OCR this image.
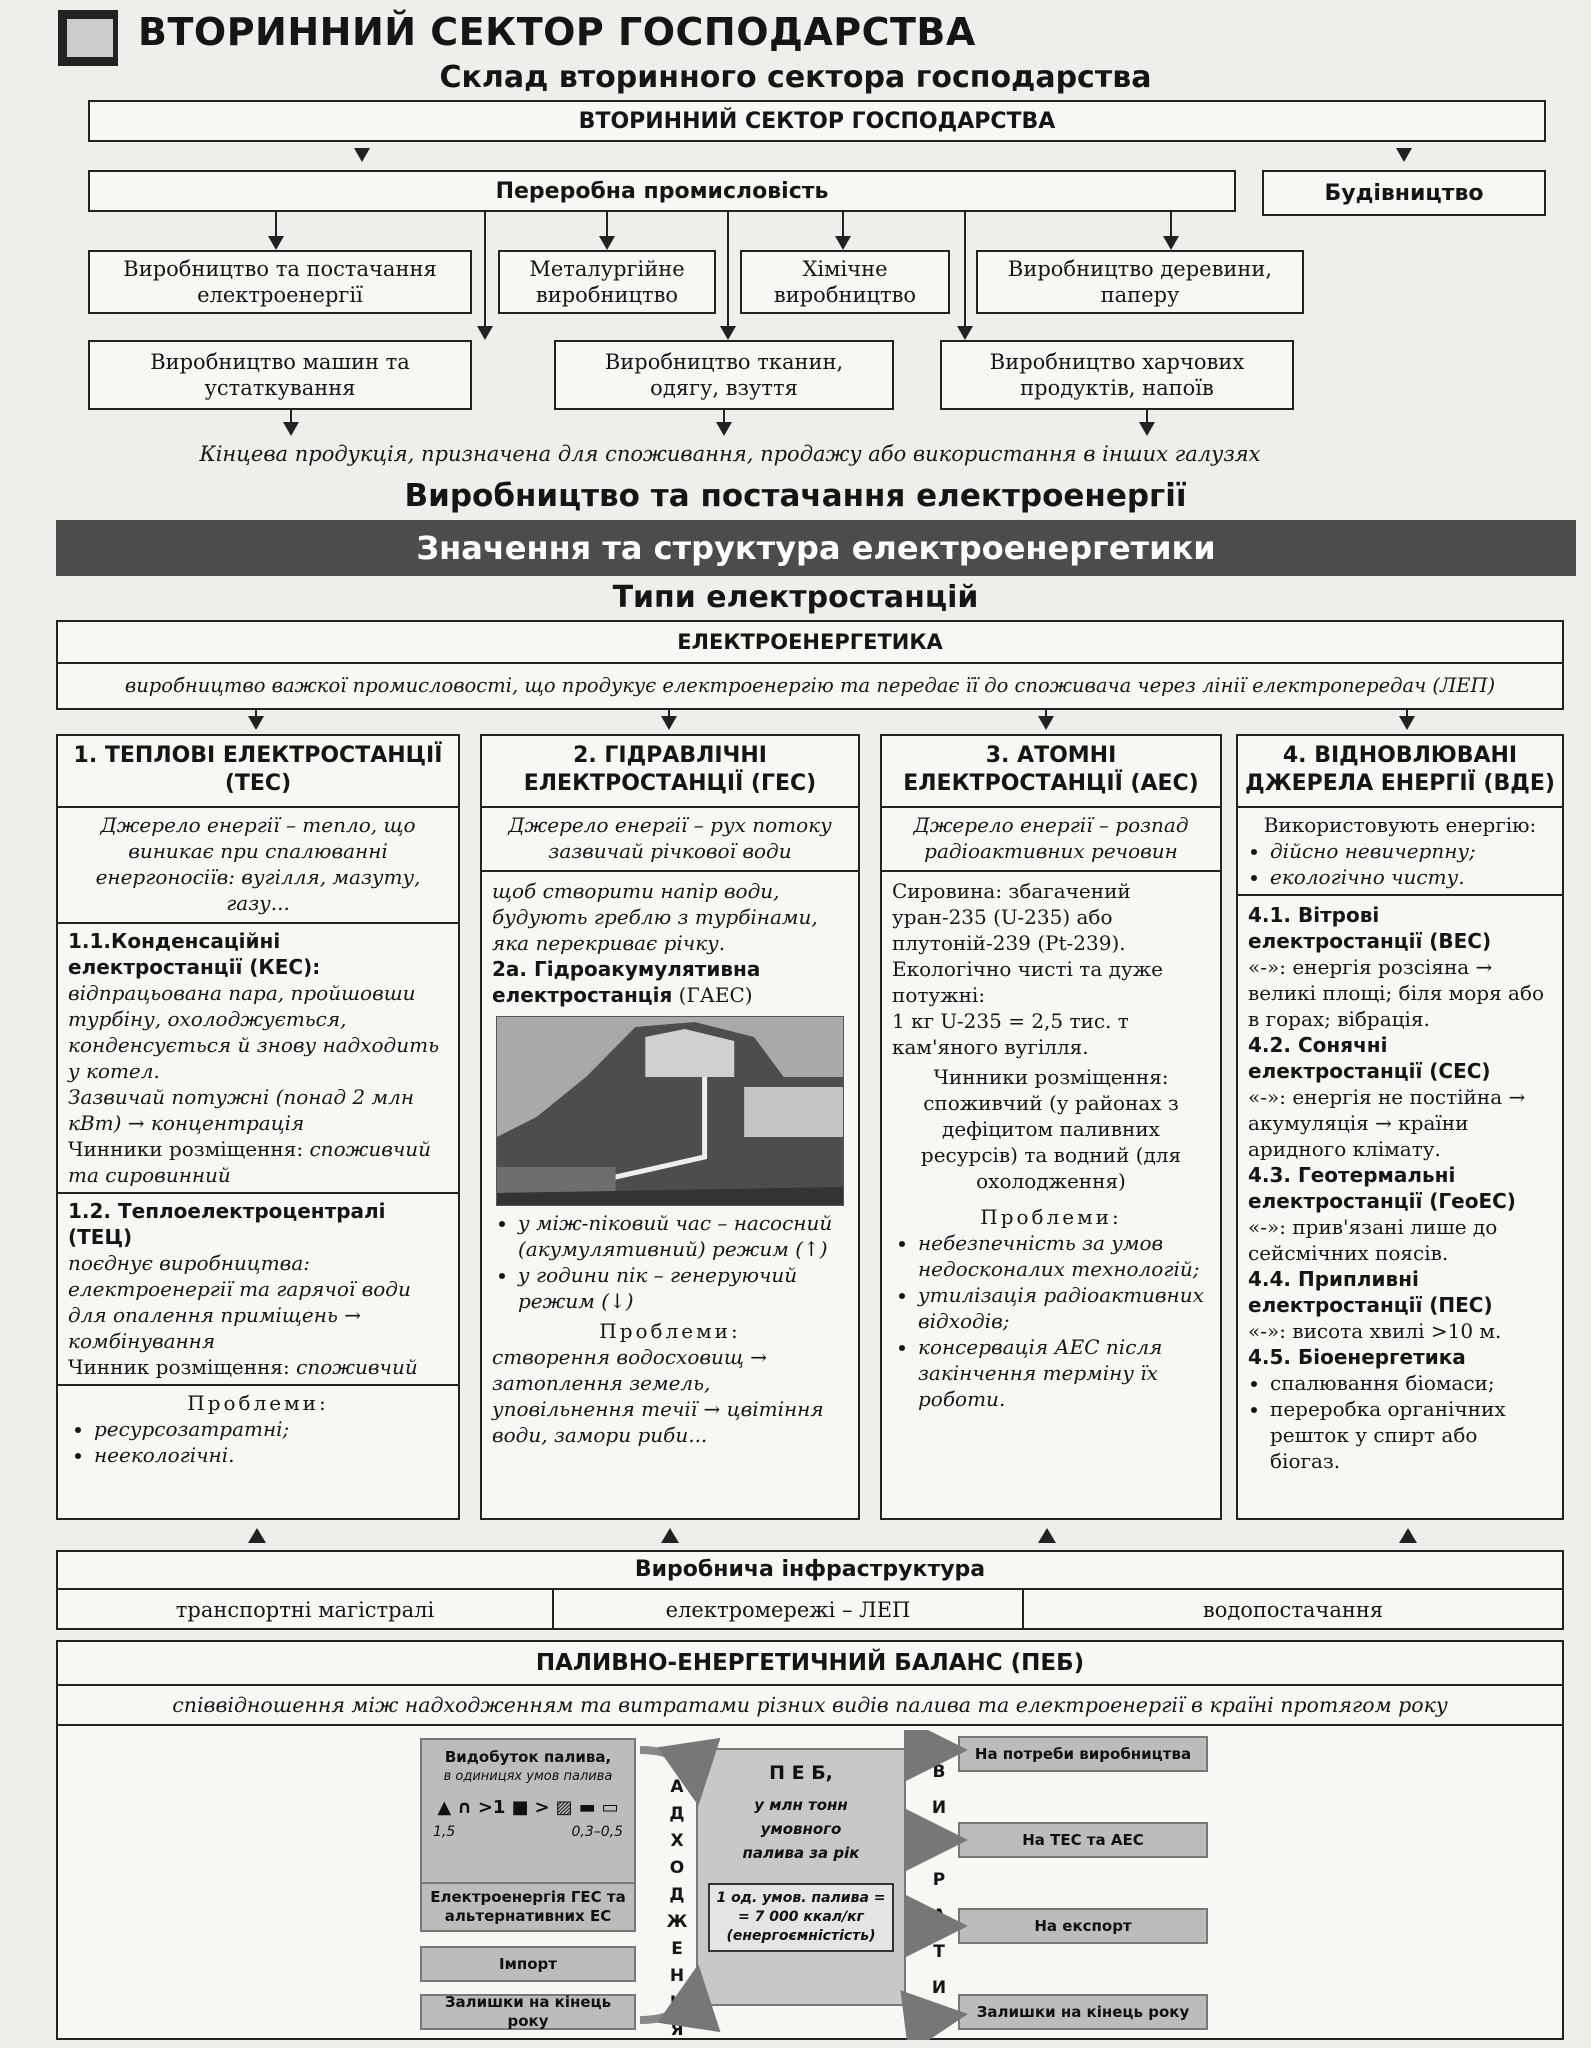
ВТОРИННИЙ СЕКТОР ГОСПОДАРСТВА
Склад вторинного сектора господарства
ВТОРИННИЙ СЕКТОР ГОСПОДАРСТВА
Переробна промисловість	Будівництво
Виробництво та постачання електроенергії
Металургійне виробництво
Хімічне виробництво
Виробництво деревини, паперу
Виробництво машин та устаткування
Виробництво тканин, одягу, взуття
Виробництво харчових продуктів, напоїв
Кінцева продукція, призначена для споживання, продажу або використання в інших галузях
Виробництво та постачання електроенергії
Значення та структура електроенергетики
Типи електростанцій
ЕЛЕКТРОЕНЕРГЕТИКА
виробництво важкої промисловості, що продукує електроенергію та передає її до споживача через лінії електропередач (ЛЕП)
1. ТЕПЛОВІ ЕЛЕКТРОСТАНЦІЇ (ТЕС)
Джерело енергії – тепло, що виникає при спалюванні енергоносіїв: вугілля, мазуту, газу...
1.1.Конденсаційні електростанції (КЕС):
відпрацьована пара, пройшовши турбіну, охолоджується, конденсується й знову надходить у котел.
Зазвичай потужні (понад 2 млн кВт) → концентрація
Чинники розміщення: споживчий та сировинний
1.2. Теплоелектроцентралі (ТЕЦ)
поєднує виробництва: електроенергії та гарячої води для опалення приміщень → комбінування
Чинник розміщення: споживчий
Проблеми:
• ресурсозатратні;
• неекологічні.
2. ГІДРАВЛІЧНІ ЕЛЕКТРОСТАНЦІЇ (ГЕС)
Джерело енергії – рух потоку зазвичай річкової води
щоб створити напір води, будують греблю з турбінами, яка перекриває річку.
2а. Гідроакумулятивна електростанція (ГАЕС)
• у між-піковий час – насосний (акумулятивний) режим (↑)
• у години пік – генеруючий режим (↓)
Проблеми:
створення водосховищ → затоплення земель, уповільнення течії → цвітіння води, замори риби...
3. АТОМНІ ЕЛЕКТРОСТАНЦІЇ (АЕС)
Джерело енергії – розпад радіоактивних речовин
Сировина: збагачений уран-235 (U-235) або плутоній-239 (Pt-239).
Екологічно чисті та дуже потужні:
1 кг U-235 = 2,5 тис. т кам'яного вугілля.
Чинники розміщення: споживчий (у районах з дефіцитом паливних ресурсів) та водний (для охолодження)
Проблеми:
• небезпечність за умов недосконалих технологій;
• утилізація радіоактивних відходів;
• консервація АЕС після закінчення терміну їх роботи.
4. ВІДНОВЛЮВАНІ ДЖЕРЕЛА ЕНЕРГІЇ (ВДЕ)
Використовують енергію:
• дійсно невичерпну;
• екологічно чисту.
4.1. Вітрові електростанції (ВЕС)
«-»: енергія розсіяна → великі площі; біля моря або в горах; вібрація.
4.2. Сонячні електростанції (СЕС)
«-»: енергія не постійна → акумуляція → країни аридного клімату.
4.3. Геотермальні електростанції (ГеоЕС)
«-»: прив'язані лише до сейсмічних поясів.
4.4. Припливні електростанції (ПЕС)
«-»: висота хвилі >10 м.
4.5. Біоенергетика
• спалювання біомаси;
• переробка органічних решток у спирт або біогаз.
Виробнича інфраструктура
транспортні магістралі	електромережі – ЛЕП	водопостачання
ПАЛИВНО-ЕНЕРГЕТИЧНИЙ БАЛАНС (ПЕБ)
співвідношення між надходженням та витратами різних видів палива та електроенергії в країні протягом року
Видобуток палива,
в одиницях умов палива
▲ ∩ >1 ■ > ▨ ▬ ▭
1,5	0,3–0,5
Електроенергія ГЕС та альтернативних ЕС
Імпорт
Залишки на кінець року
Н
А
Д
Х
О
Д
Ж
Е
Н
Н
Я
В
И
Т
Р
А
Т
И
П Е Б,
у млн тонн умовного палива за рік
1 од. умов. палива = = 7 000 ккал/кг (енергоємністість)
На потреби виробництва
На ТЕС та АЕС
На експорт
Залишки на кінець року
